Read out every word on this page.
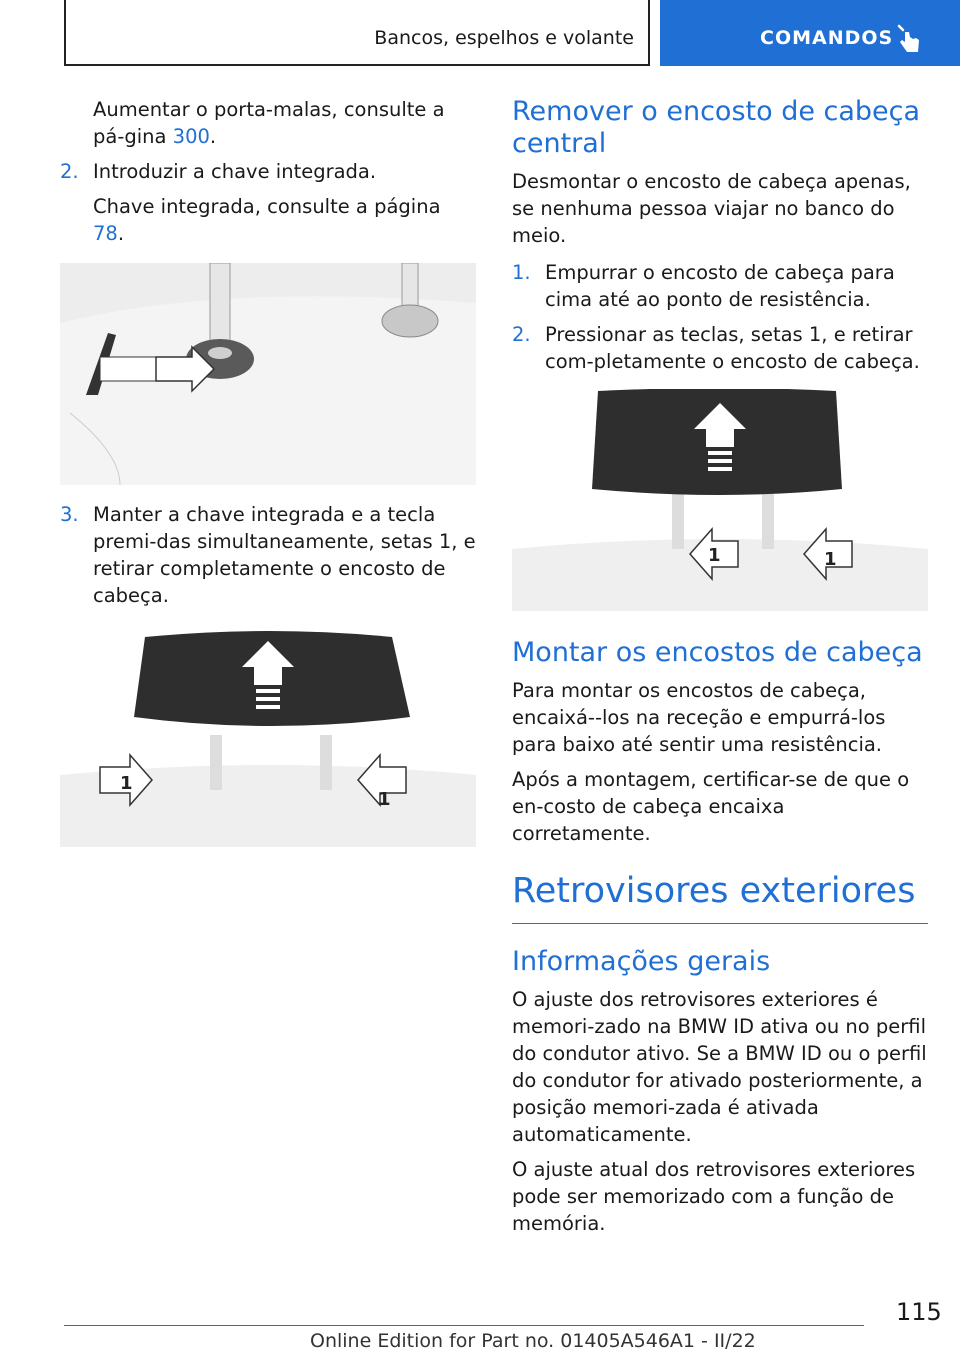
Bancos, espelhos e volante	COMANDOS

Aumentar o porta-malas, consulte a pá-gina 300.

2. Introduzir a chave integrada.

Chave integrada, consulte a página 78.

3. Manter a chave integrada e a tecla premi-das simultaneamente, setas 1, e retirar completamente o encosto de cabeça.
1
1
Remover o encosto de cabeça central

Desmontar o encosto de cabeça apenas, se nenhuma pessoa viajar no banco do meio.

1. Empurrar o encosto de cabeça para cima até ao ponto de resistência.
2. Pressionar as teclas, setas 1, e retirar com-pletamente o encosto de cabeça.
1	1
Montar os encostos de cabeça

Para montar os encostos de cabeça, encaixá--los na receção e empurrá-los para baixo até sentir uma resistência.

Após a montagem, certificar-se de que o en-costo de cabeça encaixa corretamente.

Retrovisores exteriores
Informações gerais

O ajuste dos retrovisores exteriores é memori-zado na BMW ID ativa ou no perfil do condutor ativo. Se a BMW ID ou o perfil do condutor for ativado posteriormente, a posição memori-zada é ativada automaticamente.

O ajuste atual dos retrovisores exteriores pode ser memorizado com a função de memória.

115
Online Edition for Part no. 01405A546A1 - II/22
